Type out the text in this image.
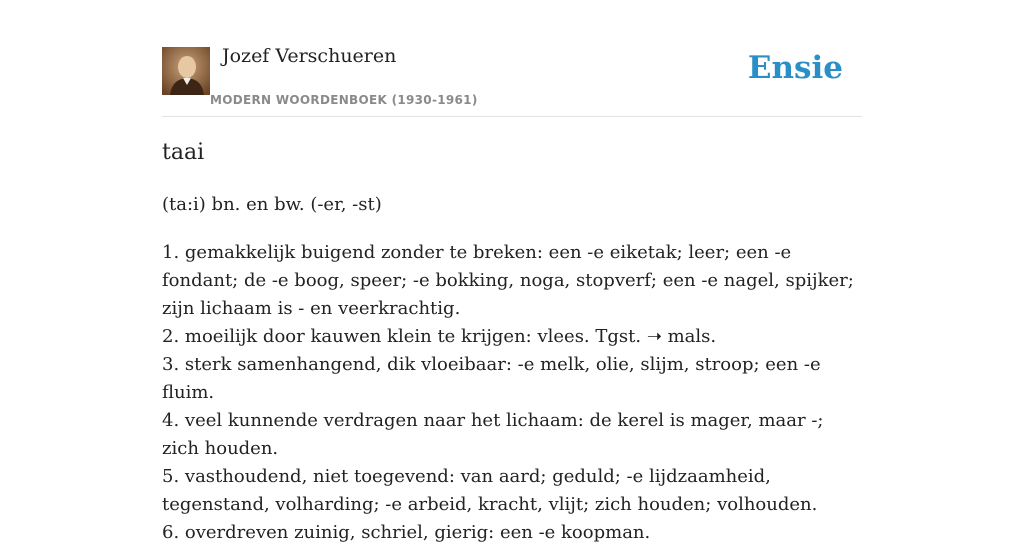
Jozef Verschueren
MODERN WOORDENBOEK (1930-1961)
Ensie
taai
(ta:i) bn. en bw. (-er, -st)

1. gemakkelijk buigend zonder te breken: een -e eiketak; leer; een -e fondant; de -e boog, speer; -e bokking, noga, stopverf; een -e nagel, spijker; zijn lichaam is - en veerkrachtig.

2. moeilijk door kauwen klein te krijgen: vlees. Tgst. ➝ mals.

3. sterk samenhangend, dik vloeibaar: -e melk, olie, slijm, stroop; een -e fluim.

4. veel kunnende verdragen naar het lichaam: de kerel is mager, maar -; zich houden.

5. vasthoudend, niet toegevend: van aard; geduld; -e lijdzaamheid, tegenstand, volharding; -e arbeid, kracht, vlijt; zich houden; volhouden.

6. overdreven zuinig, schriel, gierig: een -e koopman.
